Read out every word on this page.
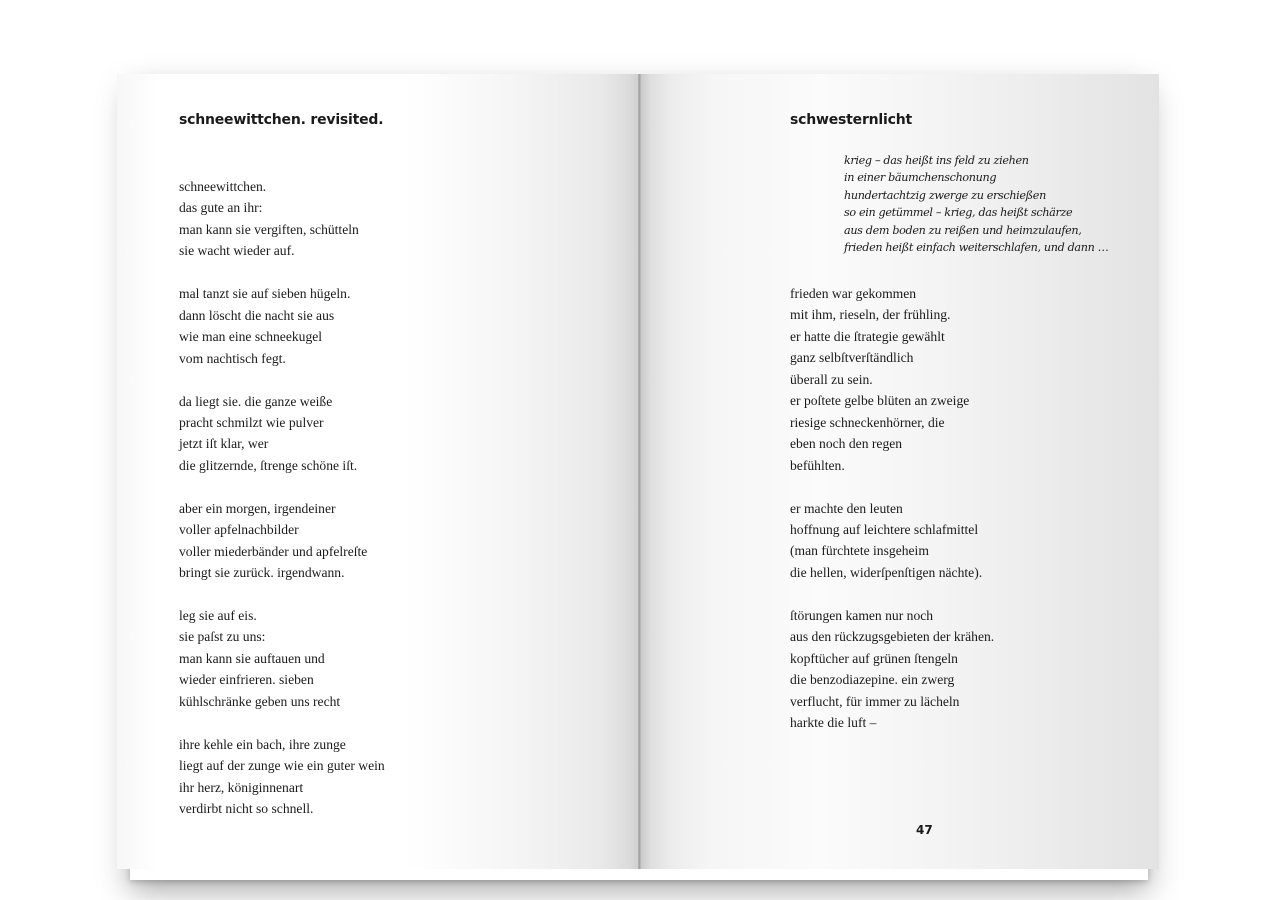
schneewittchen. revisited.
schneewittchen.
das gute an ihr:
man kann sie vergiften, schütteln
sie wacht wieder auf.
mal tanzt sie auf sieben hügeln.
dann löscht die nacht sie aus
wie man eine schneekugel
vom nachtisch fegt.
da liegt sie. die ganze weiße
pracht schmilzt wie pulver
jetzt iſt klar, wer
die glitzernde, ſtrenge schöne iſt.
aber ein morgen, irgendeiner
voller apfelnachbilder
voller miederbänder und apfelreſte
bringt sie zurück. irgendwann.
leg sie auf eis.
sie paſst zu uns:
man kann sie auftauen und
wieder einfrieren. sieben
kühlschränke geben uns recht
ihre kehle ein bach, ihre zunge
liegt auf der zunge wie ein guter wein
ihr herz, königinnenart
verdirbt nicht so schnell.
schwesternlicht
krieg – das heißt ins feld zu ziehen
in einer bäumchenschonung
hundertachtzig zwerge zu erschießen
so ein getümmel – krieg, das heißt schärze
aus dem boden zu reißen und heimzulaufen,
frieden heißt einfach weiterschlafen, und dann …
frieden war gekommen
mit ihm, rieseln, der frühling.
er hatte die ſtrategie gewählt
ganz selbſtverſtändlich
überall zu sein.
er poſtete gelbe blüten an zweige
riesige schneckenhörner, die
eben noch den regen
befühlten.
er machte den leuten
hoffnung auf leichtere schlafmittel
(man fürchtete insgeheim
die hellen, widerſpenſtigen nächte).
ſtörungen kamen nur noch
aus den rückzugsgebieten der krähen.
kopftücher auf grünen ſtengeln
die benzodiazepine. ein zwerg
verflucht, für immer zu lächeln
harkte die luft –
47
